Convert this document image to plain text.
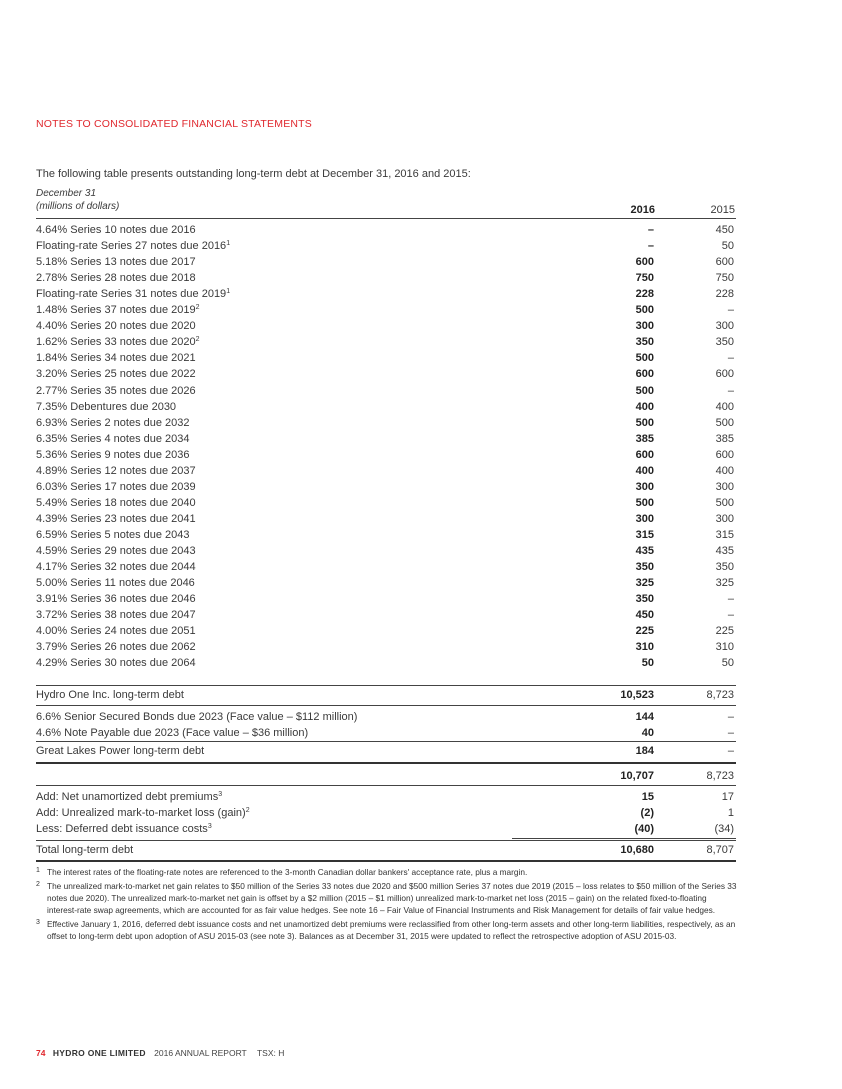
NOTES TO CONSOLIDATED FINANCIAL STATEMENTS
The following table presents outstanding long-term debt at December 31, 2016 and 2015:
December 31
(millions of dollars)	2016	2015
4.64% Series 10 notes due 2016	–	450
Floating-rate Series 27 notes due 2016$^1$	–	50
5.18% Series 13 notes due 2017	600	600
2.78% Series 28 notes due 2018	750	750
Floating-rate Series 31 notes due 2019$^1$	228	228
1.48% Series 37 notes due 2019$^2$	500	–
4.40% Series 20 notes due 2020	300	300
1.62% Series 33 notes due 2020$^2$	350	350
1.84% Series 34 notes due 2021	500	–
3.20% Series 25 notes due 2022	600	600
2.77% Series 35 notes due 2026	500	–
7.35% Debentures due 2030	400	400
6.93% Series 2 notes due 2032	500	500
6.35% Series 4 notes due 2034	385	385
5.36% Series 9 notes due 2036	600	600
4.89% Series 12 notes due 2037	400	400
6.03% Series 17 notes due 2039	300	300
5.49% Series 18 notes due 2040	500	500
4.39% Series 23 notes due 2041	300	300
6.59% Series 5 notes due 2043	315	315
4.59% Series 29 notes due 2043	435	435
4.17% Series 32 notes due 2044	350	350
5.00% Series 11 notes due 2046	325	325
3.91% Series 36 notes due 2046	350	–
3.72% Series 38 notes due 2047	450	–
4.00% Series 24 notes due 2051	225	225
3.79% Series 26 notes due 2062	310	310
4.29% Series 30 notes due 2064	50	50
Hydro One Inc. long-term debt	10,523	8,723
6.6% Senior Secured Bonds due 2023 (Face value – $112 million)	144	–
4.6% Note Payable due 2023 (Face value – $36 million)	40	–
Great Lakes Power long-term debt	184	–
10,707	8,723
Add: Net unamortized debt premiums$^3$	15	17
Add: Unrealized mark-to-market loss (gain)$^2$	(2)	1
Less: Deferred debt issuance costs$^3$	(40)	(34)
Total long-term debt	10,680	8,707
1 The interest rates of the floating-rate notes are referenced to the 3-month Canadian dollar bankers' acceptance rate, plus a margin.
2 The unrealized mark-to-market net gain relates to $50 million of the Series 33 notes due 2020 and $500 million Series 37 notes due 2019 (2015 – loss relates to $50 million of the Series 33 notes due 2020). The unrealized mark-to-market net gain is offset by a $2 million (2015 – $1 million) unrealized mark-to-market net loss (2015 – gain) on the related fixed-to-floating interest-rate swap agreements, which are accounted for as fair value hedges. See note 16 – Fair Value of Financial Instruments and Risk Management for details of fair value hedges.
3 Effective January 1, 2016, deferred debt issuance costs and net unamortized debt premiums were reclassified from other long-term assets and other long-term liabilities, respectively, as an offset to long-term debt upon adoption of ASU 2015-03 (see note 3). Balances as at December 31, 2015 were updated to reflect the retrospective adoption of ASU 2015-03.
74 HYDRO ONE LIMITED 2016 ANNUAL REPORT TSX: H
